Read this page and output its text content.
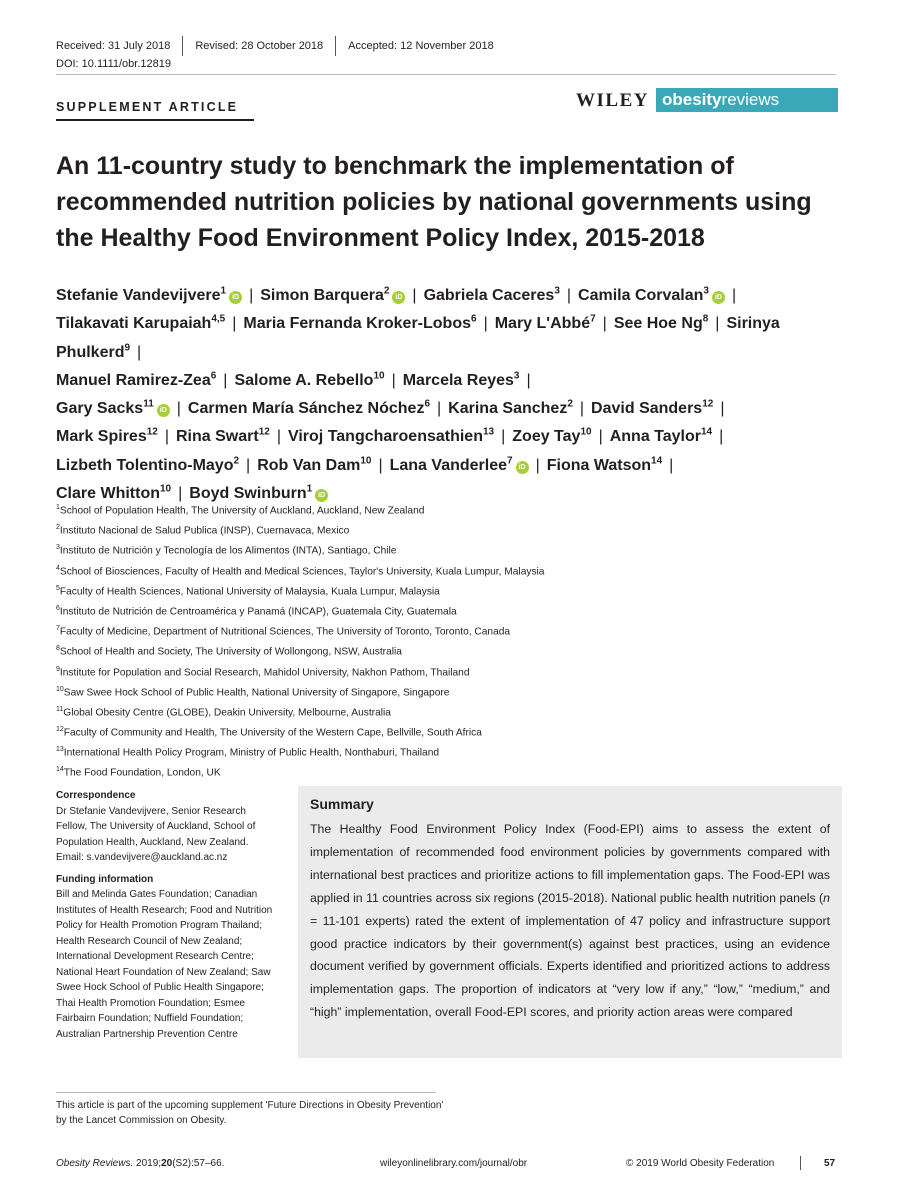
Received: 31 July 2018 Revised: 28 October 2018 Accepted: 12 November 2018
DOI: 10.1111/obr.12819
SUPPLEMENT ARTICLE	WILEY obesityreviews
An 11-country study to benchmark the implementation of recommended nutrition policies by national governments using the Healthy Food Environment Policy Index, 2015-2018
Stefanie Vandevijvere$^1$iD | Simon Barquera$^2$iD | Gabriela Caceres$^3$ | Camila Corvalan$^3$iD |
Tilakavati Karupaiah$^{4,5}$ | Maria Fernanda Kroker-Lobos$^6$ | Mary L'Abbé$^7$ | See Hoe Ng$^8$ | Sirinya Phulkerd$^9$ |
Manuel Ramirez-Zea$^6$ | Salome A. Rebello$^{10}$ | Marcela Reyes$^3$ |
Gary Sacks$^{11}$iD | Carmen María Sánchez Nóchez$^6$ | Karina Sanchez$^2$ | David Sanders$^{12}$ |
Mark Spires$^{12}$ | Rina Swart$^{12}$ | Viroj Tangcharoensathien$^{13}$ | Zoey Tay$^{10}$ | Anna Taylor$^{14}$ |
Lizbeth Tolentino-Mayo$^2$ | Rob Van Dam$^{10}$ | Lana Vanderlee$^7$iD | Fiona Watson$^{14}$ |
Clare Whitton$^{10}$ | Boyd Swinburn$^1$iD
$^1$School of Population Health, The University of Auckland, Auckland, New Zealand
$^2$Instituto Nacional de Salud Publica (INSP), Cuernavaca, Mexico
$^3$Instituto de Nutrición y Tecnología de los Alimentos (INTA), Santiago, Chile
$^4$School of Biosciences, Faculty of Health and Medical Sciences, Taylor's University, Kuala Lumpur, Malaysia
$^5$Faculty of Health Sciences, National University of Malaysia, Kuala Lumpur, Malaysia
$^6$Instituto de Nutrición de Centroamérica y Panamá (INCAP), Guatemala City, Guatemala
$^7$Faculty of Medicine, Department of Nutritional Sciences, The University of Toronto, Toronto, Canada
$^8$School of Health and Society, The University of Wollongong, NSW, Australia
$^9$Institute for Population and Social Research, Mahidol University, Nakhon Pathom, Thailand
$^{10}$Saw Swee Hock School of Public Health, National University of Singapore, Singapore
$^{11}$Global Obesity Centre (GLOBE), Deakin University, Melbourne, Australia
$^{12}$Faculty of Community and Health, The University of the Western Cape, Bellville, South Africa
$^{13}$International Health Policy Program, Ministry of Public Health, Nonthaburi, Thailand
$^{14}$The Food Foundation, London, UK
Correspondence

Dr Stefanie Vandevijvere, Senior Research Fellow, The University of Auckland, School of Population Health, Auckland, New Zealand. Email: s.vandevijvere@auckland.ac.nz

Funding information

Bill and Melinda Gates Foundation; Canadian Institutes of Health Research; Food and Nutrition Policy for Health Promotion Program Thailand; Health Research Council of New Zealand; International Development Research Centre; National Heart Foundation of New Zealand; Saw Swee Hock School of Public Health Singapore; Thai Health Promotion Foundation; Esmee Fairbairn Foundation; Nuffield Foundation; Australian Partnership Prevention Centre

Summary
The Healthy Food Environment Policy Index (Food-EPI) aims to assess the extent of implementation of recommended food environment policies by governments compared with international best practices and prioritize actions to fill implementation gaps. The Food-EPI was applied in 11 countries across six regions (2015-2018). National public health nutrition panels (n = 11-101 experts) rated the extent of implementation of 47 policy and infrastructure support good practice indicators by their government(s) against best practices, using an evidence document verified by government officials. Experts identified and prioritized actions to address implementation gaps. The proportion of indicators at “very low if any,” “low,” “medium,” and “high” implementation, overall Food-EPI scores, and priority action areas were compared
This article is part of the upcoming supplement 'Future Directions in Obesity Prevention' by the Lancet Commission on Obesity.
Obesity Reviews. 2019;20(S2):57–66.	wileyonlinelibrary.com/journal/obr	© 2019 World Obesity Federation	57
